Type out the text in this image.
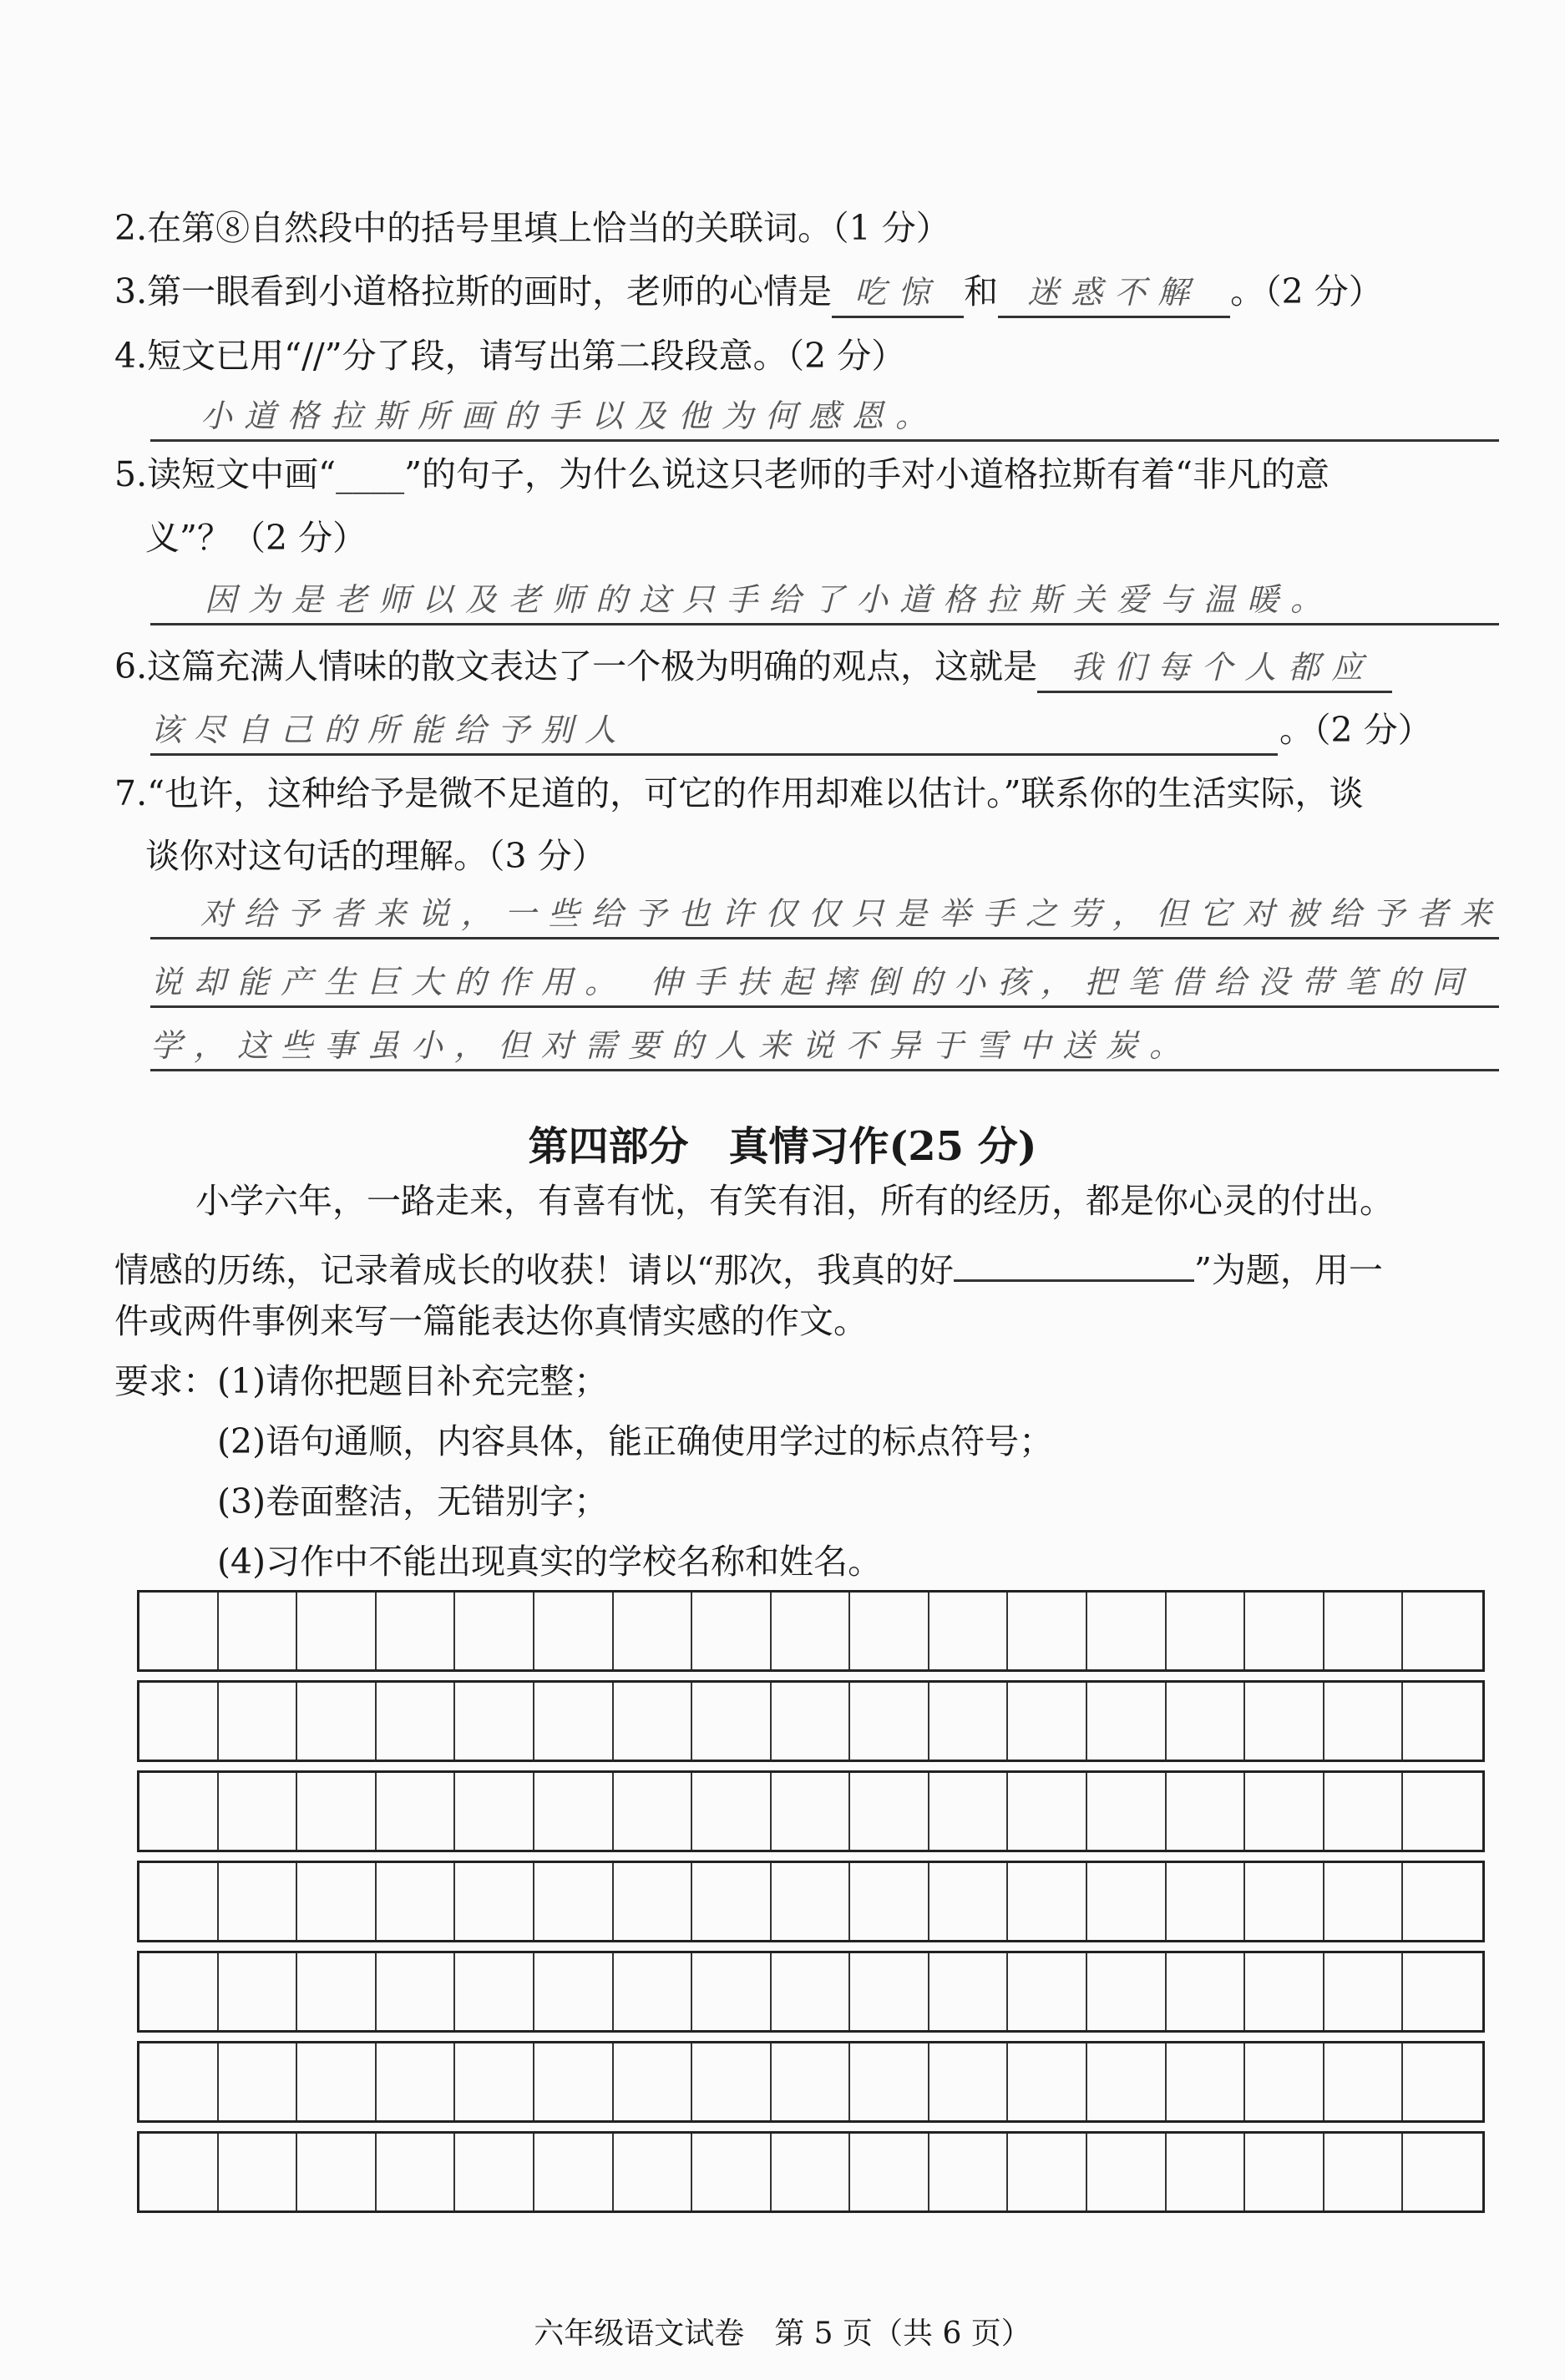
2.在第⑧自然段中的括号里填上恰当的关联词。（1 分）
3.第一眼看到小道格拉斯的画时，老师的心情是 吃惊 和 迷惑不解 。（2 分）
4.短文已用“//”分了段，请写出第二段段意。（2 分）
小道格拉斯所画的手以及他为何感恩。
5.读短文中画“____”的句子，为什么说这只老师的手对小道格拉斯有着“非凡的意
义”？（2 分）
因为是老师以及老师的这只手给了小道格拉斯关爱与温暖。
6.这篇充满人情味的散文表达了一个极为明确的观点，这就是 我们每个人都应
该尽自己的所能给予别人	。（2 分）
7.“也许，这种给予是微不足道的，可它的作用却难以估计。”联系你的生活实际，谈
谈你对这句话的理解。（3 分）
对给予者来说，一些给予也许仅仅只是举手之劳，但它对被给予者来
说却能产生巨大的作用。 伸手扶起摔倒的小孩，把笔借给没带笔的同
学，这些事虽小，但对需要的人来说不异于雪中送炭。
第四部分　真情习作(25 分)
小学六年，一路走来，有喜有忧，有笑有泪，所有的经历，都是你心灵的付出。
情感的历练，记录着成长的收获！请以“那次，我真的好	”为题，用一
件或两件事例来写一篇能表达你真情实感的作文。
要求：(1)请你把题目补充完整；
(2)语句通顺，内容具体，能正确使用学过的标点符号；
(3)卷面整洁，无错别字；
(4)习作中不能出现真实的学校名称和姓名。
六年级语文试卷　第 5 页（共 6 页）
